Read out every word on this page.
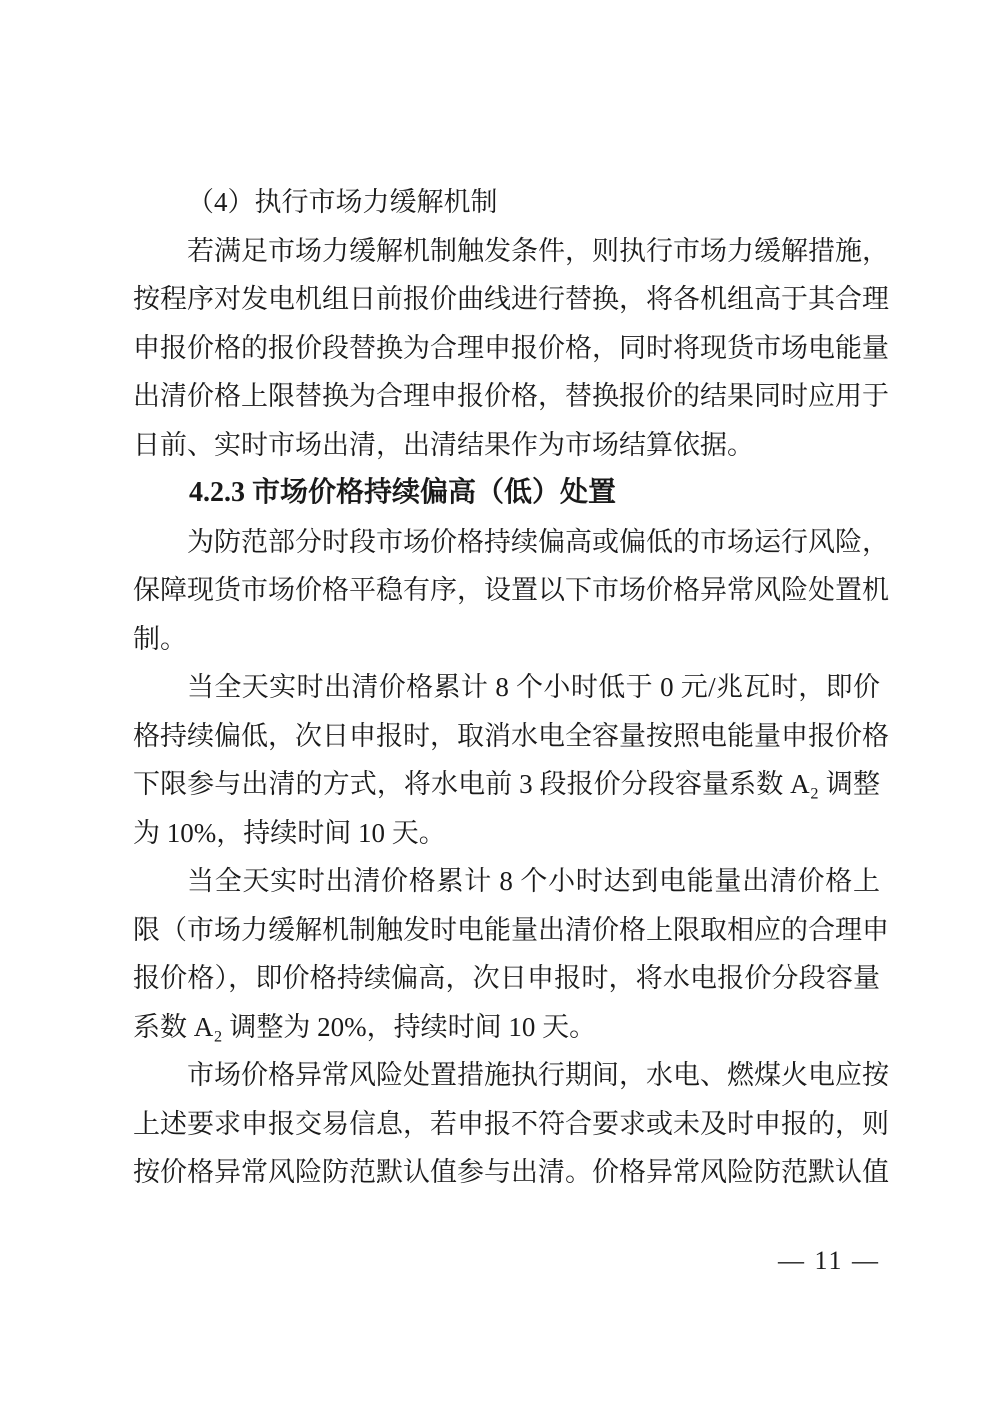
（4）执行市场力缓解机制
若满足市场力缓解机制触发条件，则执行市场力缓解措施，
按程序对发电机组日前报价曲线进行替换，将各机组高于其合理
申报价格的报价段替换为合理申报价格，同时将现货市场电能量
出清价格上限替换为合理申报价格，替换报价的结果同时应用于
日前、实时市场出清，出清结果作为市场结算依据。
4.2.3 市场价格持续偏高（低）处置
为防范部分时段市场价格持续偏高或偏低的市场运行风险，
保障现货市场价格平稳有序，设置以下市场价格异常风险处置机
制。
当全天实时出清价格累计 8 个小时低于 0 元/兆瓦时，即价
格持续偏低，次日申报时，取消水电全容量按照电能量申报价格
下限参与出清的方式，将水电前 3 段报价分段容量系数 A₂ 调整
为 10%，持续时间 10 天。
当全天实时出清价格累计 8 个小时达到电能量出清价格上
限（市场力缓解机制触发时电能量出清价格上限取相应的合理申
报价格），即价格持续偏高，次日申报时，将水电报价分段容量
系数 A₂ 调整为 20%，持续时间 10 天。
市场价格异常风险处置措施执行期间，水电、燃煤火电应按
上述要求申报交易信息，若申报不符合要求或未及时申报的，则
按价格异常风险防范默认值参与出清。价格异常风险防范默认值
— 11 —
